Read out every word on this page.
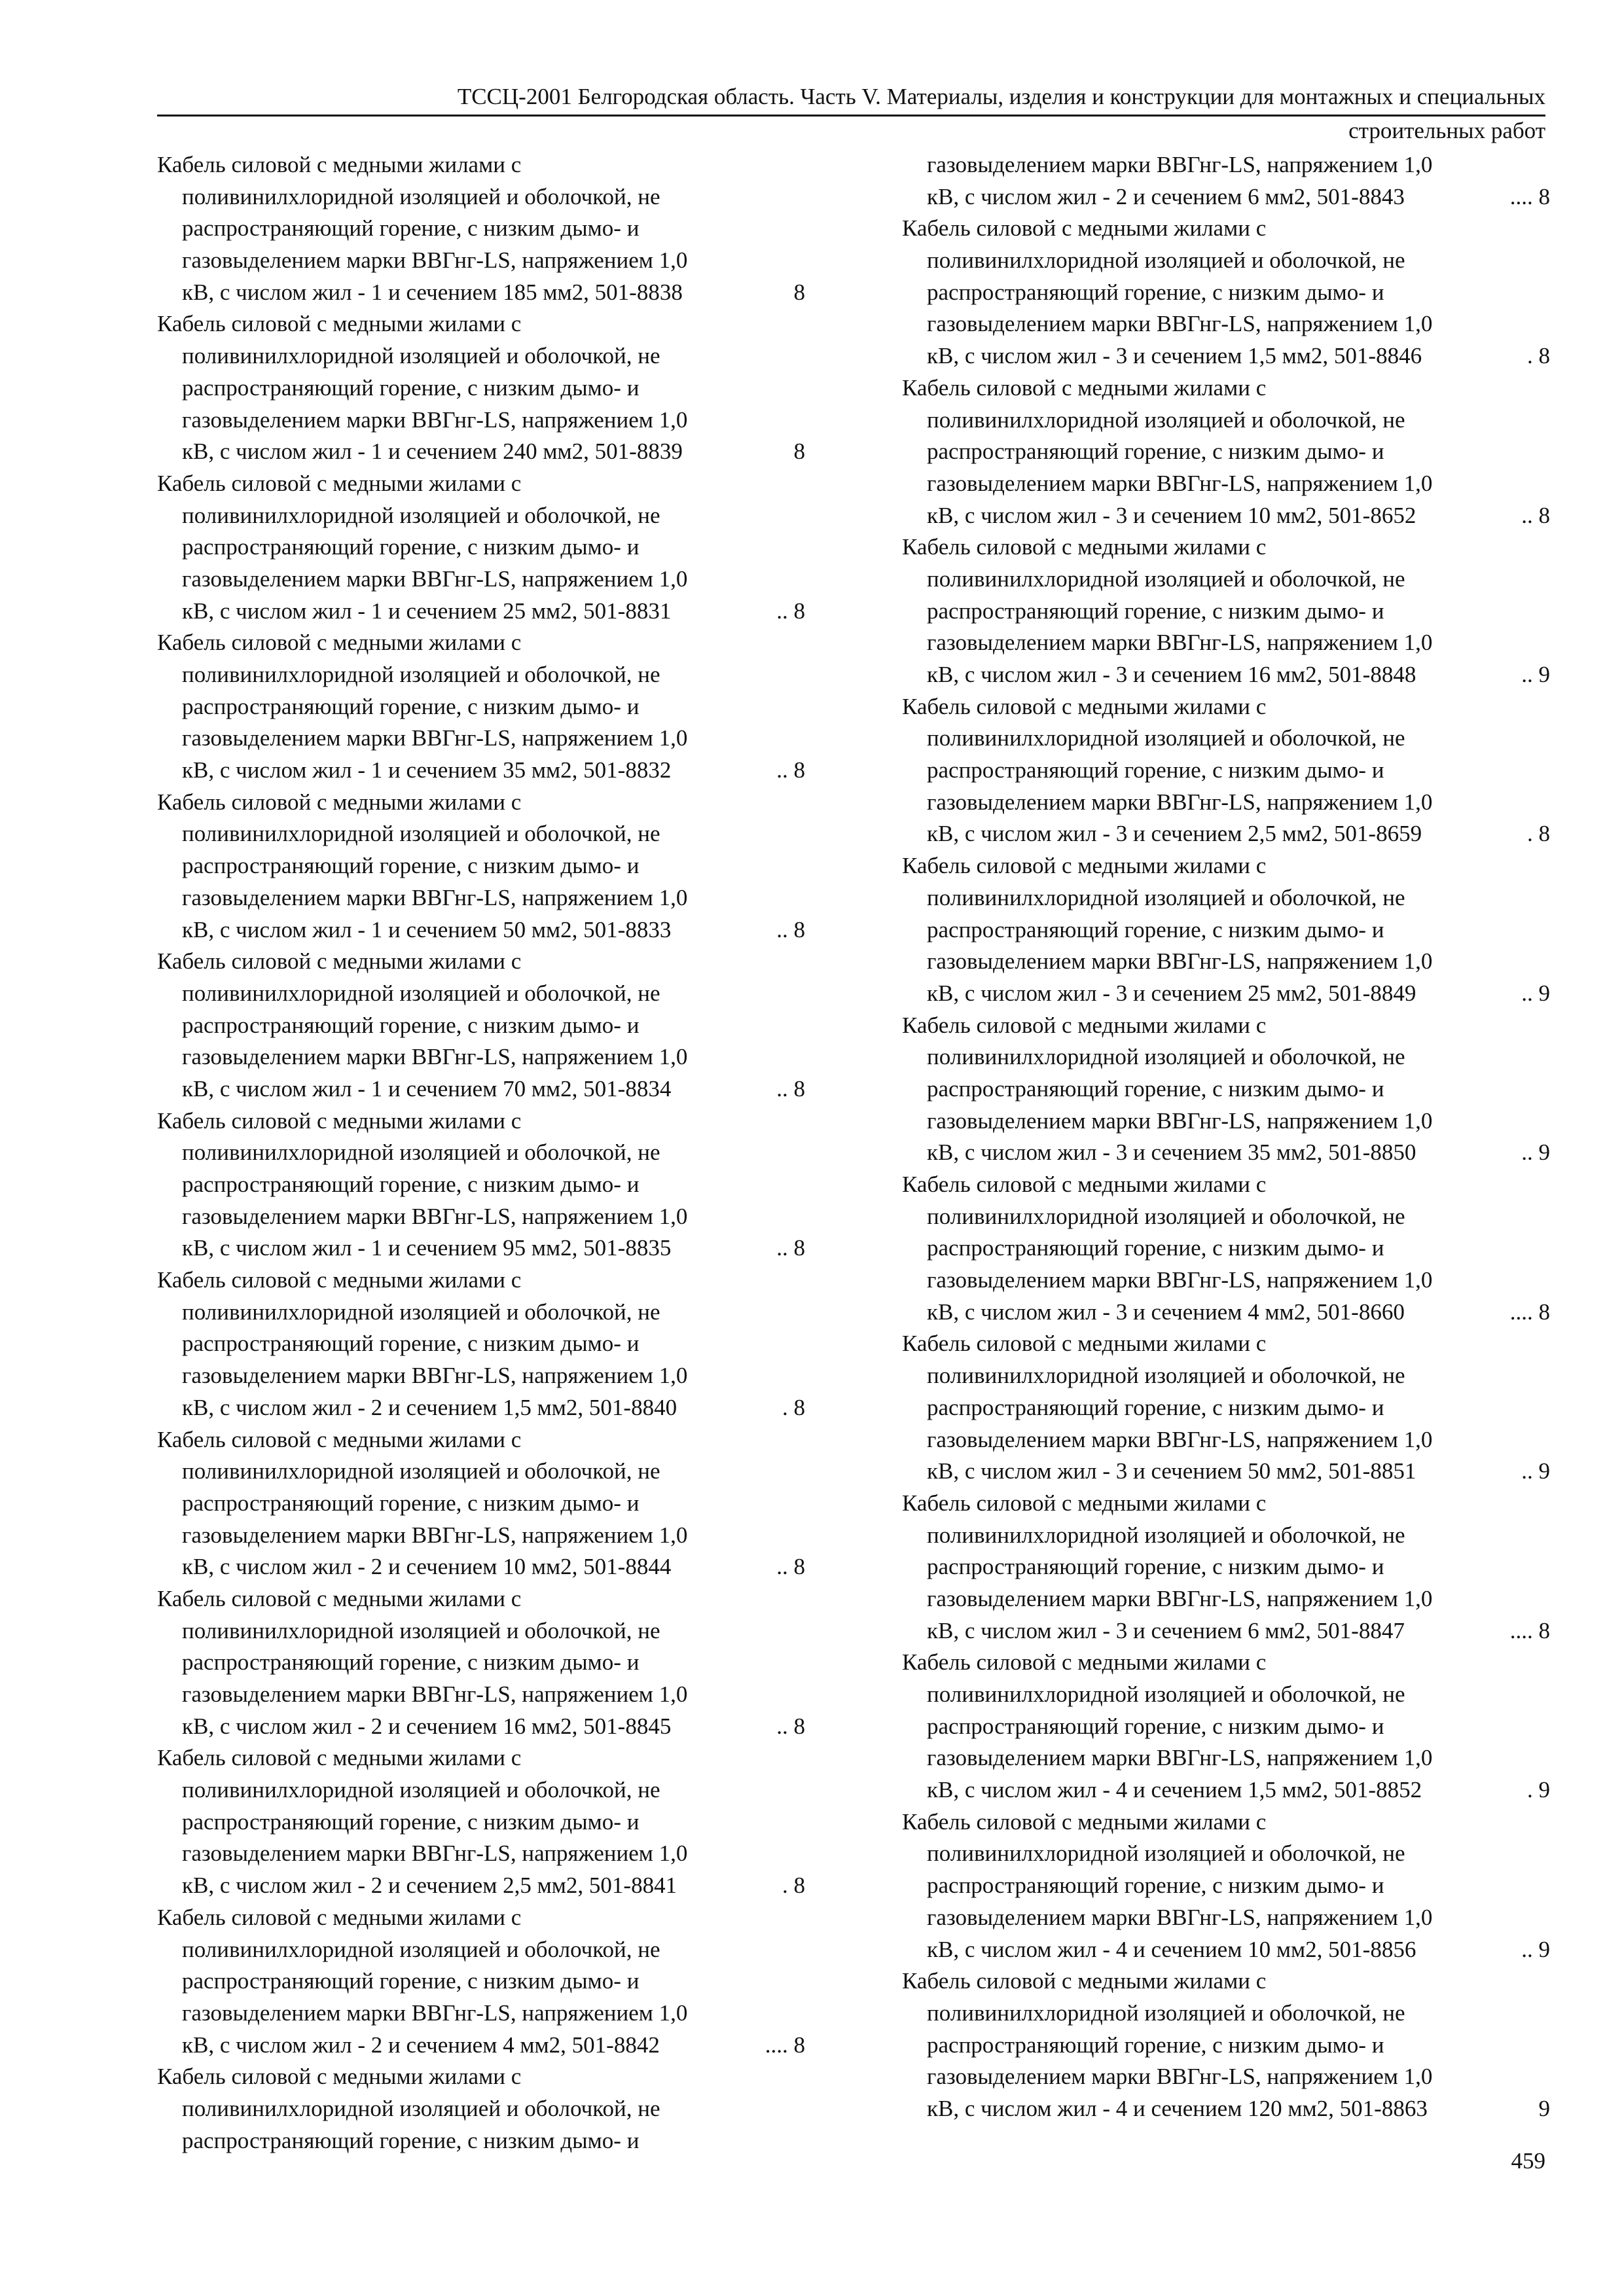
ТССЦ-2001 Белгородская область. Часть V. Материалы, изделия и конструкции для монтажных и специальных
строительных работ
Кабель силовой с медными жилами с
поливинилхлоридной изоляцией и оболочкой, не
распространяющий горение, с низким дымо- и
газовыделением марки ВВГнг-LS, напряжением 1,0
кВ, с числом жил - 1 и сечением 185 мм2, 501-8838	8
Кабель силовой с медными жилами с
поливинилхлоридной изоляцией и оболочкой, не
распространяющий горение, с низким дымо- и
газовыделением марки ВВГнг-LS, напряжением 1,0
кВ, с числом жил - 1 и сечением 240 мм2, 501-8839	8
Кабель силовой с медными жилами с
поливинилхлоридной изоляцией и оболочкой, не
распространяющий горение, с низким дымо- и
газовыделением марки ВВГнг-LS, напряжением 1,0
кВ, с числом жил - 1 и сечением 25 мм2, 501-8831	.. 8
Кабель силовой с медными жилами с
поливинилхлоридной изоляцией и оболочкой, не
распространяющий горение, с низким дымо- и
газовыделением марки ВВГнг-LS, напряжением 1,0
кВ, с числом жил - 1 и сечением 35 мм2, 501-8832	.. 8
Кабель силовой с медными жилами с
поливинилхлоридной изоляцией и оболочкой, не
распространяющий горение, с низким дымо- и
газовыделением марки ВВГнг-LS, напряжением 1,0
кВ, с числом жил - 1 и сечением 50 мм2, 501-8833	.. 8
Кабель силовой с медными жилами с
поливинилхлоридной изоляцией и оболочкой, не
распространяющий горение, с низким дымо- и
газовыделением марки ВВГнг-LS, напряжением 1,0
кВ, с числом жил - 1 и сечением 70 мм2, 501-8834	.. 8
Кабель силовой с медными жилами с
поливинилхлоридной изоляцией и оболочкой, не
распространяющий горение, с низким дымо- и
газовыделением марки ВВГнг-LS, напряжением 1,0
кВ, с числом жил - 1 и сечением 95 мм2, 501-8835	.. 8
Кабель силовой с медными жилами с
поливинилхлоридной изоляцией и оболочкой, не
распространяющий горение, с низким дымо- и
газовыделением марки ВВГнг-LS, напряжением 1,0
кВ, с числом жил - 2 и сечением 1,5 мм2, 501-8840	. 8
Кабель силовой с медными жилами с
поливинилхлоридной изоляцией и оболочкой, не
распространяющий горение, с низким дымо- и
газовыделением марки ВВГнг-LS, напряжением 1,0
кВ, с числом жил - 2 и сечением 10 мм2, 501-8844	.. 8
Кабель силовой с медными жилами с
поливинилхлоридной изоляцией и оболочкой, не
распространяющий горение, с низким дымо- и
газовыделением марки ВВГнг-LS, напряжением 1,0
кВ, с числом жил - 2 и сечением 16 мм2, 501-8845	.. 8
Кабель силовой с медными жилами с
поливинилхлоридной изоляцией и оболочкой, не
распространяющий горение, с низким дымо- и
газовыделением марки ВВГнг-LS, напряжением 1,0
кВ, с числом жил - 2 и сечением 2,5 мм2, 501-8841	. 8
Кабель силовой с медными жилами с
поливинилхлоридной изоляцией и оболочкой, не
распространяющий горение, с низким дымо- и
газовыделением марки ВВГнг-LS, напряжением 1,0
кВ, с числом жил - 2 и сечением 4 мм2, 501-8842	.... 8
Кабель силовой с медными жилами с
поливинилхлоридной изоляцией и оболочкой, не
распространяющий горение, с низким дымо- и
газовыделением марки ВВГнг-LS, напряжением 1,0
кВ, с числом жил - 2 и сечением 6 мм2, 501-8843	.... 8
Кабель силовой с медными жилами с
поливинилхлоридной изоляцией и оболочкой, не
распространяющий горение, с низким дымо- и
газовыделением марки ВВГнг-LS, напряжением 1,0
кВ, с числом жил - 3 и сечением 1,5 мм2, 501-8846	. 8
Кабель силовой с медными жилами с
поливинилхлоридной изоляцией и оболочкой, не
распространяющий горение, с низким дымо- и
газовыделением марки ВВГнг-LS, напряжением 1,0
кВ, с числом жил - 3 и сечением 10 мм2, 501-8652	.. 8
Кабель силовой с медными жилами с
поливинилхлоридной изоляцией и оболочкой, не
распространяющий горение, с низким дымо- и
газовыделением марки ВВГнг-LS, напряжением 1,0
кВ, с числом жил - 3 и сечением 16 мм2, 501-8848	.. 9
Кабель силовой с медными жилами с
поливинилхлоридной изоляцией и оболочкой, не
распространяющий горение, с низким дымо- и
газовыделением марки ВВГнг-LS, напряжением 1,0
кВ, с числом жил - 3 и сечением 2,5 мм2, 501-8659	. 8
Кабель силовой с медными жилами с
поливинилхлоридной изоляцией и оболочкой, не
распространяющий горение, с низким дымо- и
газовыделением марки ВВГнг-LS, напряжением 1,0
кВ, с числом жил - 3 и сечением 25 мм2, 501-8849	.. 9
Кабель силовой с медными жилами с
поливинилхлоридной изоляцией и оболочкой, не
распространяющий горение, с низким дымо- и
газовыделением марки ВВГнг-LS, напряжением 1,0
кВ, с числом жил - 3 и сечением 35 мм2, 501-8850	.. 9
Кабель силовой с медными жилами с
поливинилхлоридной изоляцией и оболочкой, не
распространяющий горение, с низким дымо- и
газовыделением марки ВВГнг-LS, напряжением 1,0
кВ, с числом жил - 3 и сечением 4 мм2, 501-8660	.... 8
Кабель силовой с медными жилами с
поливинилхлоридной изоляцией и оболочкой, не
распространяющий горение, с низким дымо- и
газовыделением марки ВВГнг-LS, напряжением 1,0
кВ, с числом жил - 3 и сечением 50 мм2, 501-8851	.. 9
Кабель силовой с медными жилами с
поливинилхлоридной изоляцией и оболочкой, не
распространяющий горение, с низким дымо- и
газовыделением марки ВВГнг-LS, напряжением 1,0
кВ, с числом жил - 3 и сечением 6 мм2, 501-8847	.... 8
Кабель силовой с медными жилами с
поливинилхлоридной изоляцией и оболочкой, не
распространяющий горение, с низким дымо- и
газовыделением марки ВВГнг-LS, напряжением 1,0
кВ, с числом жил - 4 и сечением 1,5 мм2, 501-8852	. 9
Кабель силовой с медными жилами с
поливинилхлоридной изоляцией и оболочкой, не
распространяющий горение, с низким дымо- и
газовыделением марки ВВГнг-LS, напряжением 1,0
кВ, с числом жил - 4 и сечением 10 мм2, 501-8856	.. 9
Кабель силовой с медными жилами с
поливинилхлоридной изоляцией и оболочкой, не
распространяющий горение, с низким дымо- и
газовыделением марки ВВГнг-LS, напряжением 1,0
кВ, с числом жил - 4 и сечением 120 мм2, 501-8863	9
459
